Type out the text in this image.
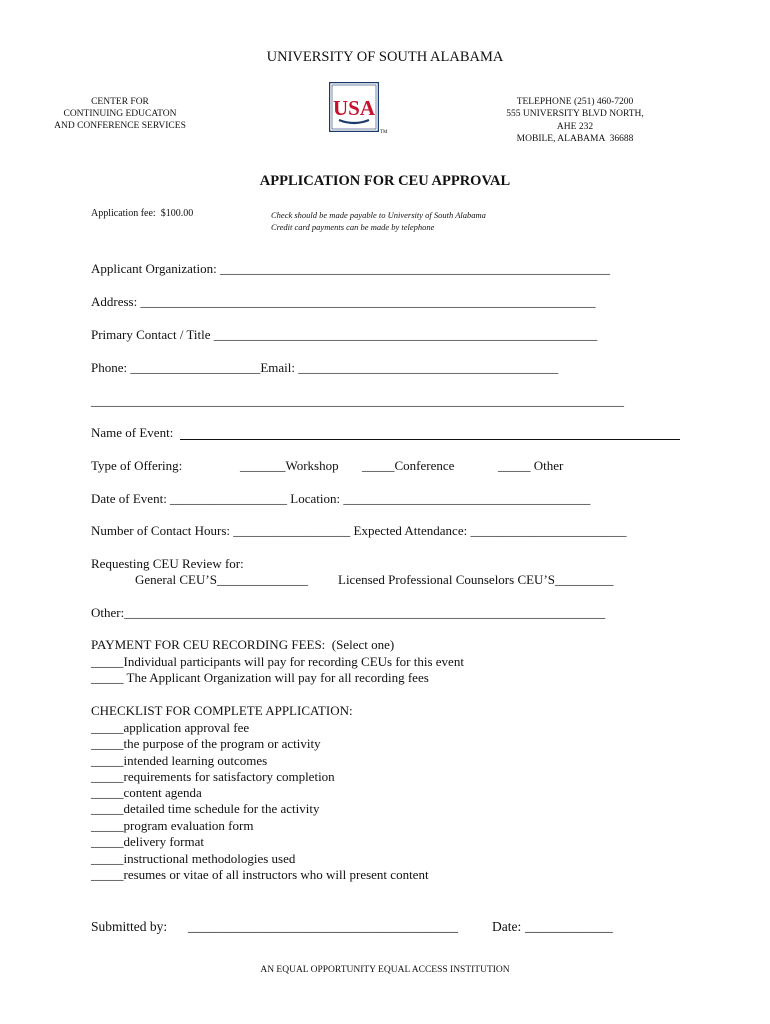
UNIVERSITY OF SOUTH ALABAMA
CENTER FOR
CONTINUING EDUCATON
AND CONFERENCE SERVICES
USA
TM
TELEPHONE (251) 460-7200
555 UNIVERSITY BLVD NORTH,
AHE 232
MOBILE, ALABAMA  36688
APPLICATION FOR CEU APPROVAL
Application fee:  $100.00	Check should be made payable to University of South Alabama
Credit card payments can be made by telephone
Applicant Organization: ____________________________________________________________
Address: ______________________________________________________________________
Primary Contact / Title ___________________________________________________________
Phone: ____________________Email: ________________________________________
__________________________________________________________________________________
Name of Event:
Type of Offering:	_______Workshop _____Conference	_____ Other
Date of Event: __________________ Location: ______________________________________
Number of Contact Hours: __________________ Expected Attendance: ________________________
Requesting CEU Review for:
General CEU’S______________ Licensed Professional Counselors CEU’S_________
Other:__________________________________________________________________________
PAYMENT FOR CEU RECORDING FEES:  (Select one)
_____Individual participants will pay for recording CEUs for this event
_____ The Applicant Organization will pay for all recording fees
CHECKLIST FOR COMPLETE APPLICATION:
_____application approval fee
_____the purpose of the program or activity
_____intended learning outcomes
_____requirements for satisfactory completion
_____content agenda
_____detailed time schedule for the activity
_____program evaluation form
_____delivery format
_____instructional methodologies used
_____resumes or vitae of all instructors who will present content
Submitted by: ________________________________________	Date: _____________
AN EQUAL OPPORTUNITY EQUAL ACCESS INSTITUTION
